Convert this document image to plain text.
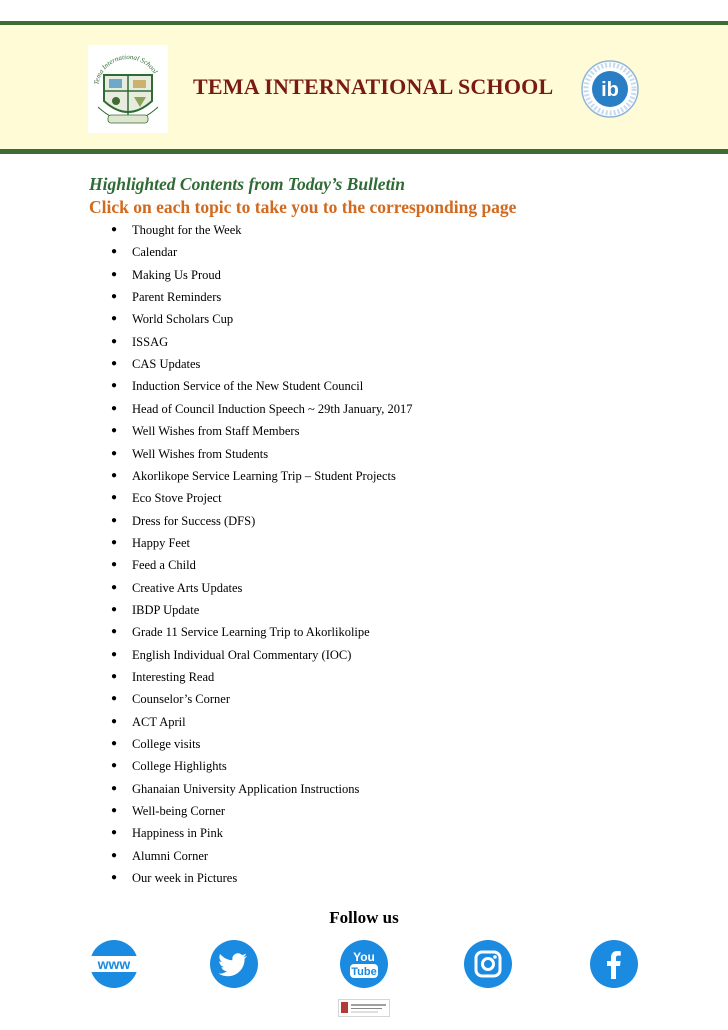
Tema International School
TEMA INTERNATIONAL SCHOOL ib
Highlighted Contents from Today’s Bulletin
Click on each topic to take you to the corresponding page
● Thought for the Week
● Calendar
● Making Us Proud
● Parent Reminders
● World Scholars Cup
● ISSAG
● CAS Updates
● Induction Service of the New Student Council
● Head of Council Induction Speech ~ 29th January, 2017
● Well Wishes from Staff Members
● Well Wishes from Students
● Akorlikope Service Learning Trip – Student Projects
● Eco Stove Project
● Dress for Success (DFS)
● Happy Feet
● Feed a Child
● Creative Arts Updates
● IBDP Update
● Grade 11 Service Learning Trip to Akorlikolipe
● English Individual Oral Commentary (IOC)
● Interesting Read
● Counselor’s Corner
● ACT April
● College visits
● College Highlights
● Ghanaian University Application Instructions
● Well-being Corner
● Happiness in Pink
● Alumni Corner
● Our week in Pictures
Follow us
www	You
Tube
